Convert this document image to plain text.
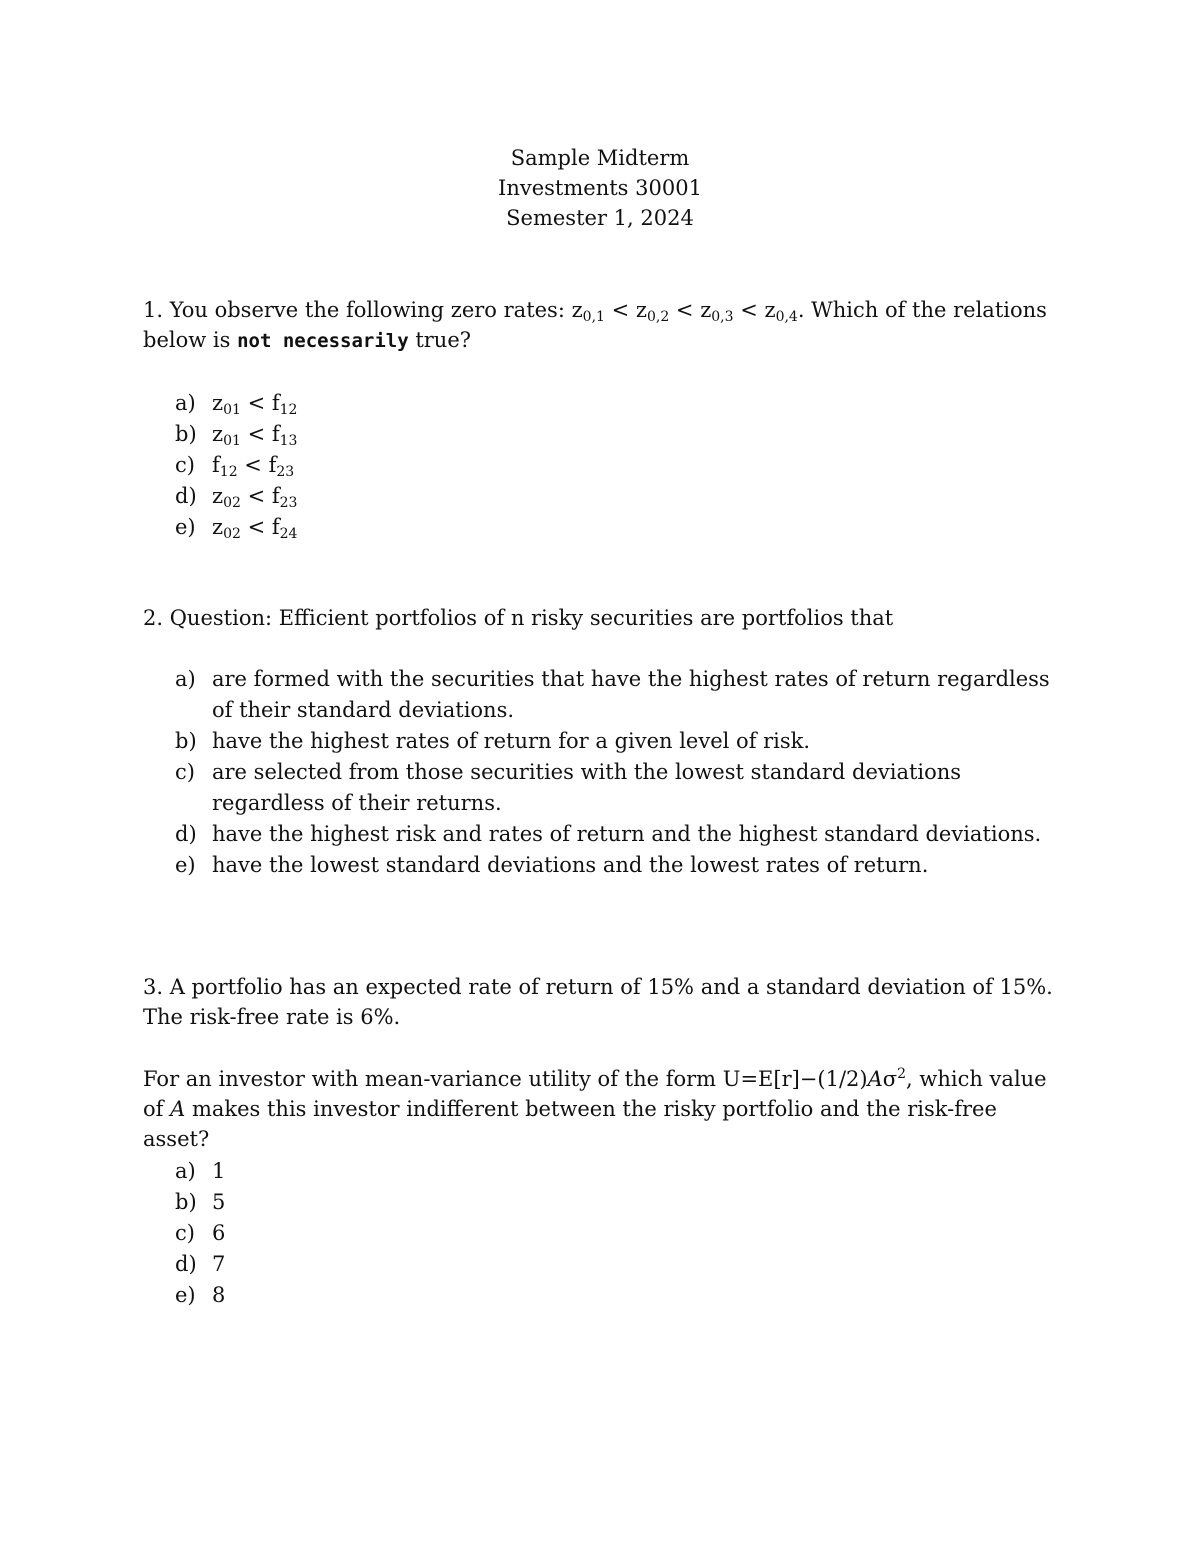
Sample Midterm
Investments 30001
Semester 1, 2024
1. You observe the following zero rates: $z_{0,1} < z_{0,2} < z_{0,3} < z_{0,4}$. Which of the relations below is not necessarily true?
a) $z_{01} < f_{12}$
b) $z_{01} < f_{13}$
c) $f_{12} < f_{23}$
d) $z_{02} < f_{23}$
e) $z_{02} < f_{24}$
2. Question: Efficient portfolios of n risky securities are portfolios that
a) are formed with the securities that have the highest rates of return regardless of their standard deviations.
b) have the highest rates of return for a given level of risk.
c) are selected from those securities with the lowest standard deviations regardless of their returns.
d) have the highest risk and rates of return and the highest standard deviations.
e) have the lowest standard deviations and the lowest rates of return.
3. A portfolio has an expected rate of return of 15% and a standard deviation of 15%. The risk-free rate is 6%.
For an investor with mean-variance utility of the form $U=E[r]-(1/2)A\sigma^2$, which value of A makes this investor indifferent between the risky portfolio and the risk-free asset?
a) 1
b) 5
c) 6
d) 7
e) 8
